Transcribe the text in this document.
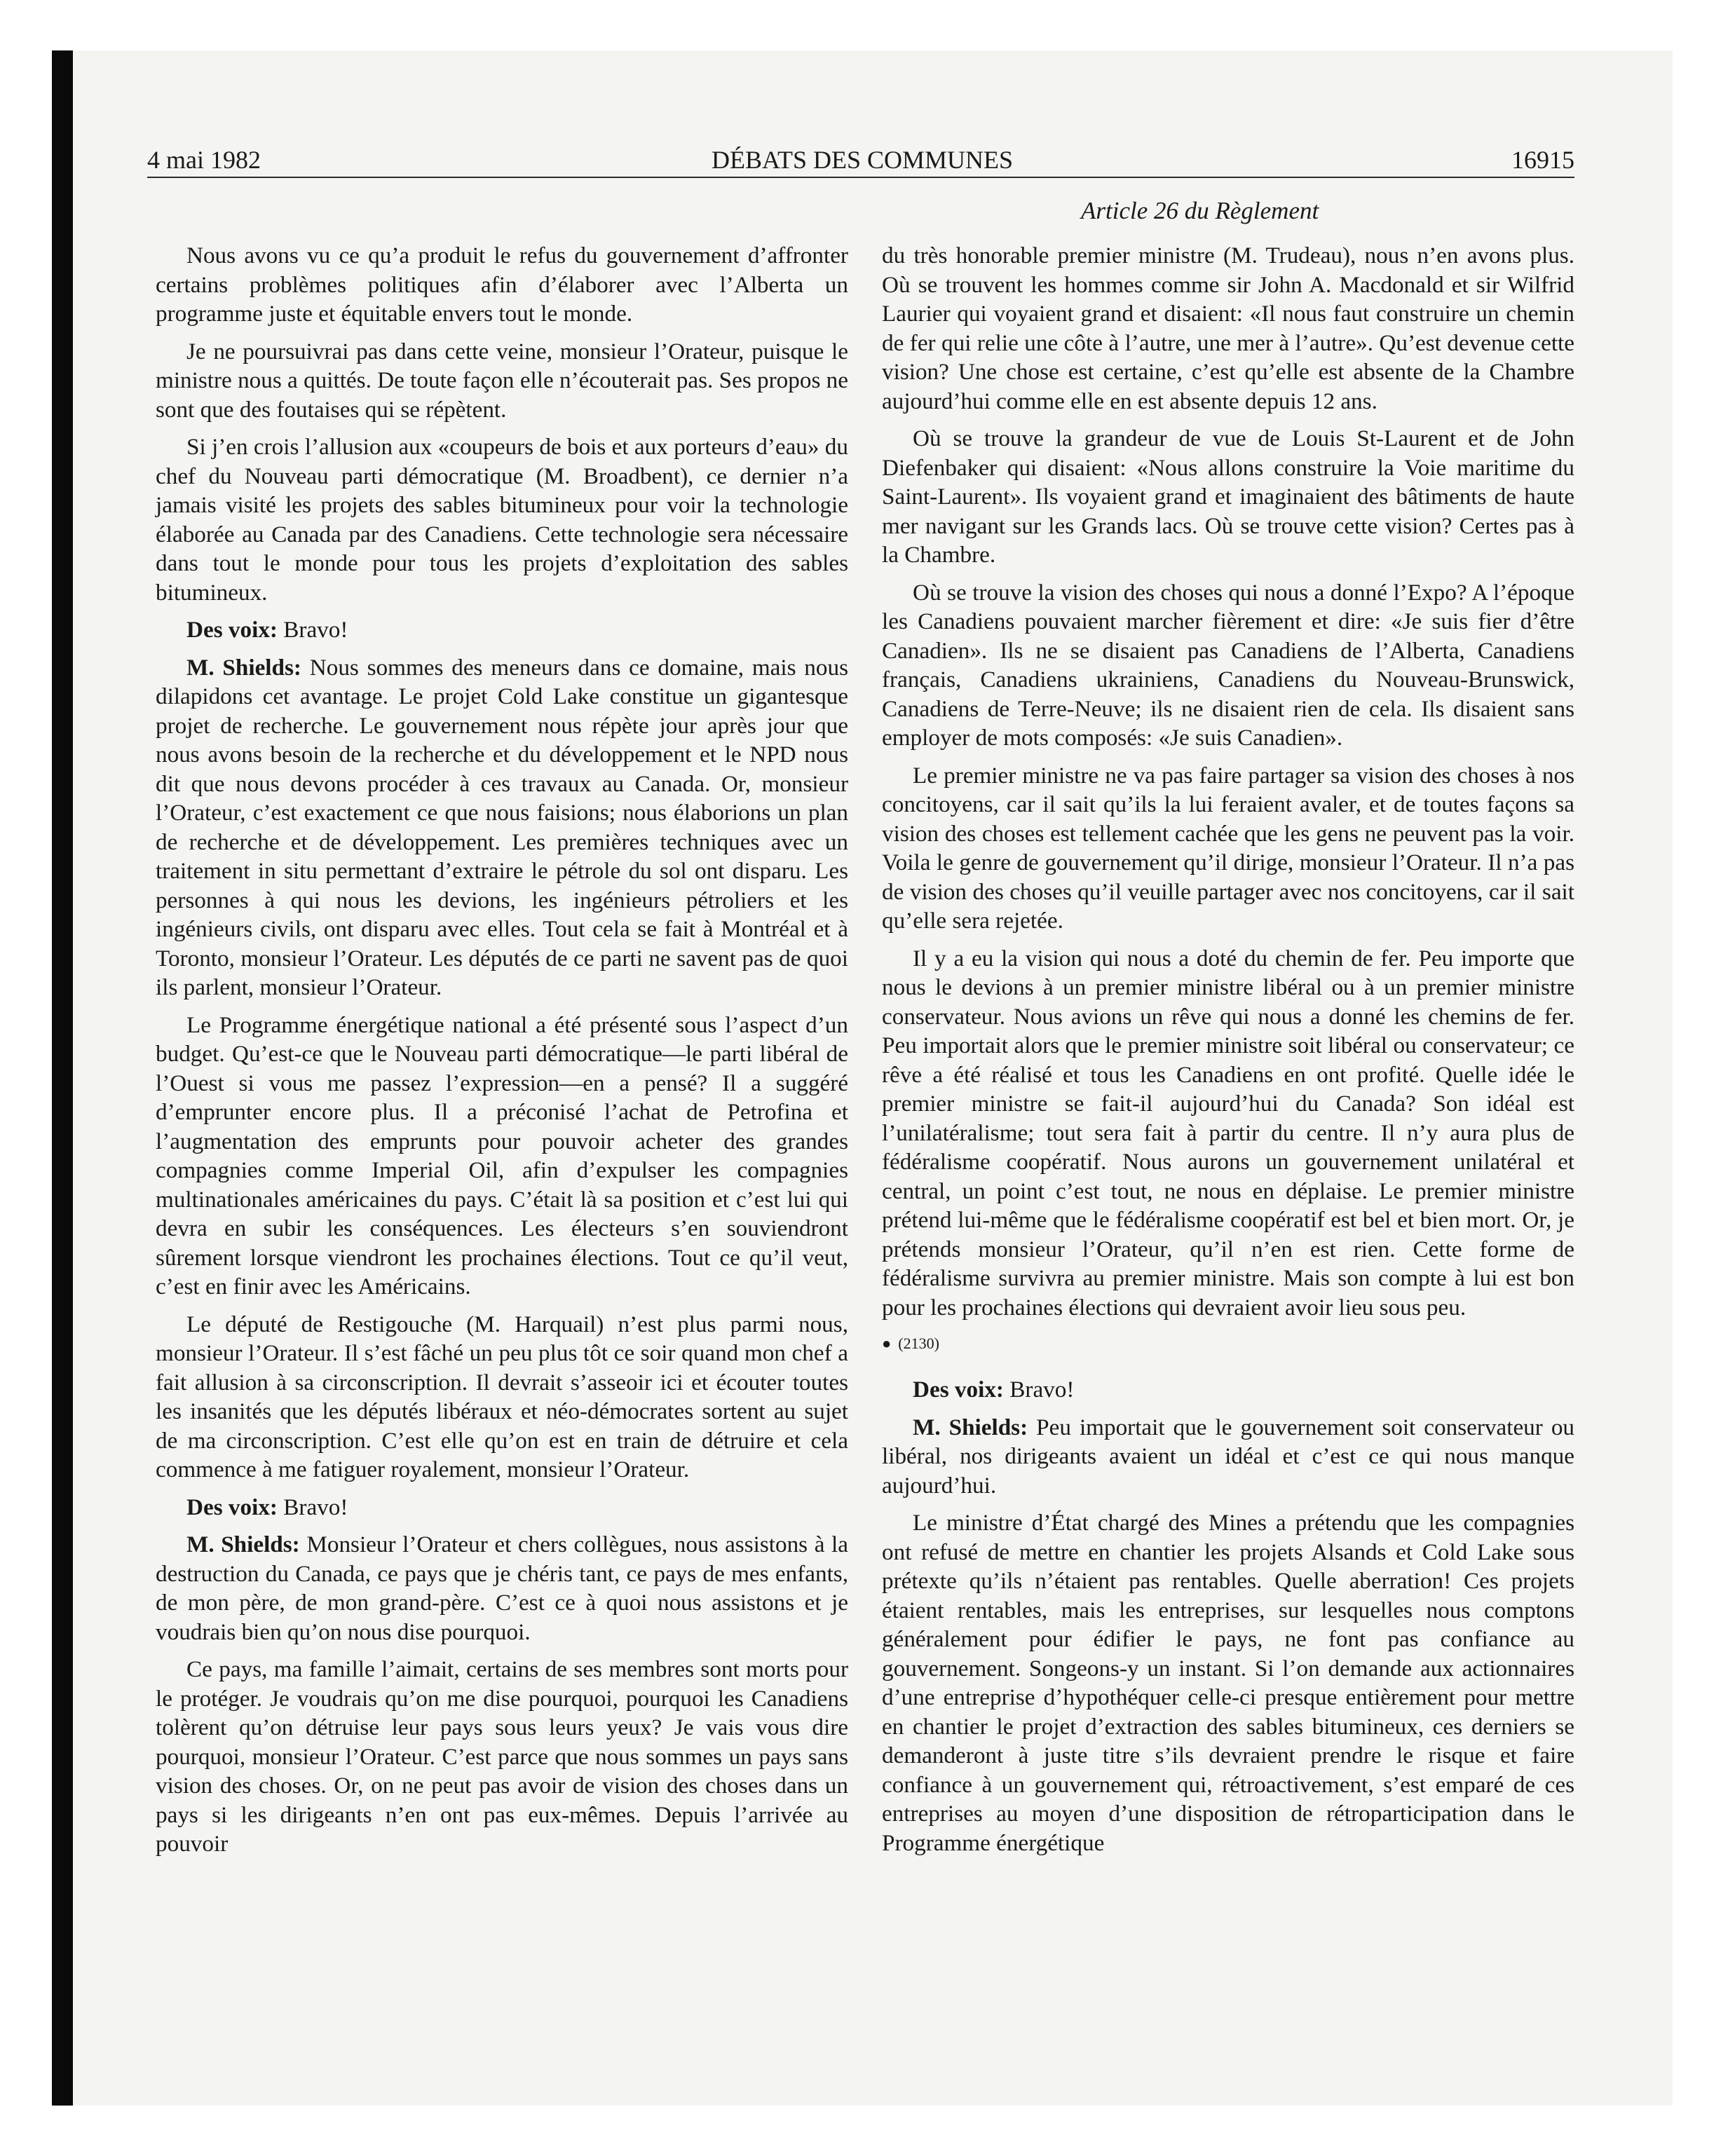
4 mai 1982	DÉBATS DES COMMUNES	16915
Article 26 du Règlement

Nous avons vu ce qu’a produit le refus du gouvernement d’affronter certains problèmes politiques afin d’élaborer avec l’Alberta un programme juste et équitable envers tout le monde.

Je ne poursuivrai pas dans cette veine, monsieur l’Orateur, puisque le ministre nous a quittés. De toute façon elle n’écouterait pas. Ses propos ne sont que des foutaises qui se répètent.

Si j’en crois l’allusion aux «coupeurs de bois et aux porteurs d’eau» du chef du Nouveau parti démocratique (M. Broadbent), ce dernier n’a jamais visité les projets des sables bitumineux pour voir la technologie élaborée au Canada par des Canadiens. Cette technologie sera nécessaire dans tout le monde pour tous les projets d’exploitation des sables bitumineux.

Des voix: Bravo!

M. Shields: Nous sommes des meneurs dans ce domaine, mais nous dilapidons cet avantage. Le projet Cold Lake constitue un gigantesque projet de recherche. Le gouvernement nous répète jour après jour que nous avons besoin de la recherche et du développement et le NPD nous dit que nous devons procéder à ces travaux au Canada. Or, monsieur l’Orateur, c’est exactement ce que nous faisions; nous élaborions un plan de recherche et de développement. Les premières techniques avec un traitement in situ permettant d’extraire le pétrole du sol ont disparu. Les personnes à qui nous les devions, les ingénieurs pétroliers et les ingénieurs civils, ont disparu avec elles. Tout cela se fait à Montréal et à Toronto, monsieur l’Orateur. Les députés de ce parti ne savent pas de quoi ils parlent, monsieur l’Orateur.

Le Programme énergétique national a été présenté sous l’aspect d’un budget. Qu’est-ce que le Nouveau parti démocratique—le parti libéral de l’Ouest si vous me passez l’expression—en a pensé? Il a suggéré d’emprunter encore plus. Il a préconisé l’achat de Petrofina et l’augmentation des emprunts pour pouvoir acheter des grandes compagnies comme Imperial Oil, afin d’expulser les compagnies multinationales américaines du pays. C’était là sa position et c’est lui qui devra en subir les conséquences. Les électeurs s’en souviendront sûrement lorsque viendront les prochaines élections. Tout ce qu’il veut, c’est en finir avec les Américains.

Le député de Restigouche (M. Harquail) n’est plus parmi nous, monsieur l’Orateur. Il s’est fâché un peu plus tôt ce soir quand mon chef a fait allusion à sa circonscription. Il devrait s’asseoir ici et écouter toutes les insanités que les députés libéraux et néo-démocrates sortent au sujet de ma circonscription. C’est elle qu’on est en train de détruire et cela commence à me fatiguer royalement, monsieur l’Orateur.

Des voix: Bravo!

M. Shields: Monsieur l’Orateur et chers collègues, nous assistons à la destruction du Canada, ce pays que je chéris tant, ce pays de mes enfants, de mon père, de mon grand-père. C’est ce à quoi nous assistons et je voudrais bien qu’on nous dise pourquoi.

Ce pays, ma famille l’aimait, certains de ses membres sont morts pour le protéger. Je voudrais qu’on me dise pourquoi, pourquoi les Canadiens tolèrent qu’on détruise leur pays sous leurs yeux? Je vais vous dire pourquoi, monsieur l’Orateur. C’est parce que nous sommes un pays sans vision des choses. Or, on ne peut pas avoir de vision des choses dans un pays si les dirigeants n’en ont pas eux-mêmes. Depuis l’arrivée au pouvoir

du très honorable premier ministre (M. Trudeau), nous n’en avons plus. Où se trouvent les hommes comme sir John A. Macdonald et sir Wilfrid Laurier qui voyaient grand et disaient: «Il nous faut construire un chemin de fer qui relie une côte à l’autre, une mer à l’autre». Qu’est devenue cette vision? Une chose est certaine, c’est qu’elle est absente de la Chambre aujourd’hui comme elle en est absente depuis 12 ans.

Où se trouve la grandeur de vue de Louis St-Laurent et de John Diefenbaker qui disaient: «Nous allons construire la Voie maritime du Saint-Laurent». Ils voyaient grand et imaginaient des bâtiments de haute mer navigant sur les Grands lacs. Où se trouve cette vision? Certes pas à la Chambre.

Où se trouve la vision des choses qui nous a donné l’Expo? A l’époque les Canadiens pouvaient marcher fièrement et dire: «Je suis fier d’être Canadien». Ils ne se disaient pas Canadiens de l’Alberta, Canadiens français, Canadiens ukrainiens, Canadiens du Nouveau-Brunswick, Canadiens de Terre-Neuve; ils ne disaient rien de cela. Ils disaient sans employer de mots composés: «Je suis Canadien».

Le premier ministre ne va pas faire partager sa vision des choses à nos concitoyens, car il sait qu’ils la lui feraient avaler, et de toutes façons sa vision des choses est tellement cachée que les gens ne peuvent pas la voir. Voila le genre de gouvernement qu’il dirige, monsieur l’Orateur. Il n’a pas de vision des choses qu’il veuille partager avec nos concitoyens, car il sait qu’elle sera rejetée.

Il y a eu la vision qui nous a doté du chemin de fer. Peu importe que nous le devions à un premier ministre libéral ou à un premier ministre conservateur. Nous avions un rêve qui nous a donné les chemins de fer. Peu importait alors que le premier ministre soit libéral ou conservateur; ce rêve a été réalisé et tous les Canadiens en ont profité. Quelle idée le premier ministre se fait-il aujourd’hui du Canada? Son idéal est l’unilatéralisme; tout sera fait à partir du centre. Il n’y aura plus de fédéralisme coopératif. Nous aurons un gouvernement unilatéral et central, un point c’est tout, ne nous en déplaise. Le premier ministre prétend lui-même que le fédéralisme coopératif est bel et bien mort. Or, je prétends monsieur l’Orateur, qu’il n’en est rien. Cette forme de fédéralisme survivra au premier ministre. Mais son compte à lui est bon pour les prochaines élections qui devraient avoir lieu sous peu.

● (2130)

Des voix: Bravo!

M. Shields: Peu importait que le gouvernement soit conservateur ou libéral, nos dirigeants avaient un idéal et c’est ce qui nous manque aujourd’hui.

Le ministre d’État chargé des Mines a prétendu que les compagnies ont refusé de mettre en chantier les projets Alsands et Cold Lake sous prétexte qu’ils n’étaient pas rentables. Quelle aberration! Ces projets étaient rentables, mais les entreprises, sur lesquelles nous comptons généralement pour édifier le pays, ne font pas confiance au gouvernement. Songeons-y un instant. Si l’on demande aux actionnaires d’une entreprise d’hypothéquer celle-ci presque entièrement pour mettre en chantier le projet d’extraction des sables bitumineux, ces derniers se demanderont à juste titre s’ils devraient prendre le risque et faire confiance à un gouvernement qui, rétroactivement, s’est emparé de ces entreprises au moyen d’une disposition de rétroparticipation dans le Programme énergétique
